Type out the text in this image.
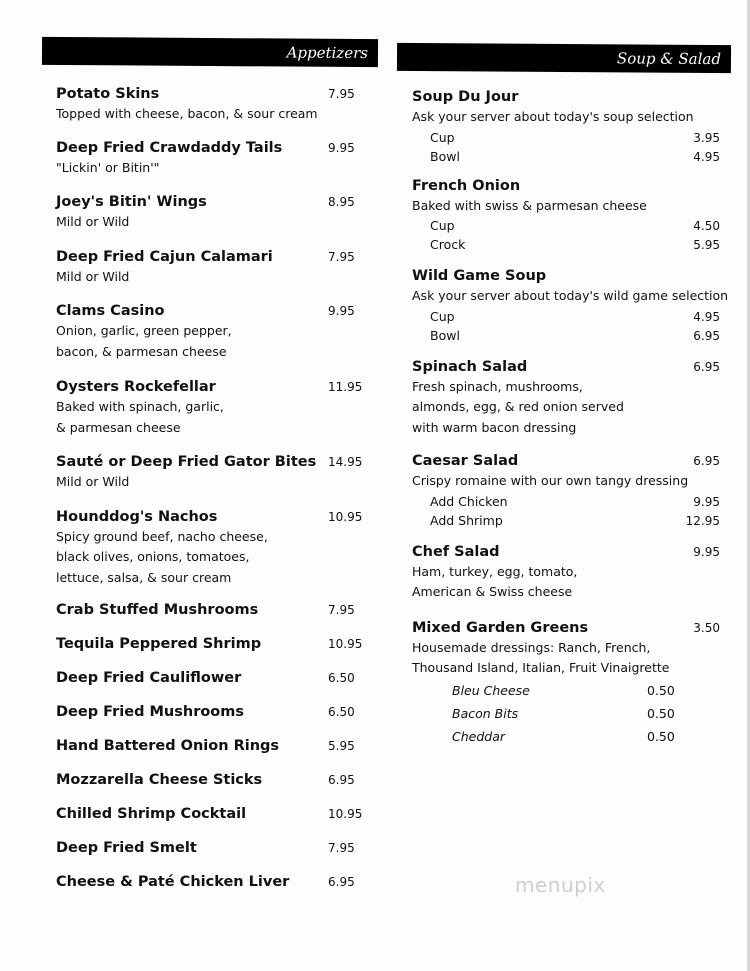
Appetizers	Soup & Salad
Potato Skins	7.95
Topped with cheese, bacon, & sour cream
Deep Fried Crawdaddy Tails	9.95
"Lickin' or Bitin'"
Joey's Bitin' Wings	8.95
Mild or Wild
Deep Fried Cajun Calamari	7.95
Mild or Wild
Clams Casino	9.95
Onion, garlic, green pepper,
bacon, & parmesan cheese
Oysters Rockefellar	11.95
Baked with spinach, garlic,
& parmesan cheese
Sauté or Deep Fried Gator Bites 14.95
Mild or Wild
Hounddog's Nachos	10.95
Spicy ground beef, nacho cheese,
black olives, onions, tomatoes,
lettuce, salsa, & sour cream
Crab Stuffed Mushrooms	7.95
Tequila Peppered Shrimp	10.95
Deep Fried Cauliflower	6.50
Deep Fried Mushrooms	6.50
Hand Battered Onion Rings	5.95
Mozzarella Cheese Sticks	6.95
Chilled Shrimp Cocktail	10.95
Deep Fried Smelt	7.95
Cheese & Paté Chicken Liver	6.95
Soup Du Jour
Ask your server about today's soup selection
Cup	3.95
Bowl	4.95
French Onion
Baked with swiss & parmesan cheese
Cup	4.50
Crock	5.95
Wild Game Soup
Ask your server about today's wild game selection
Cup	4.95
Bowl	6.95
Spinach Salad	6.95
Fresh spinach, mushrooms,
almonds, egg, & red onion served
with warm bacon dressing
Caesar Salad	6.95
Crispy romaine with our own tangy dressing
Add Chicken	9.95
Add Shrimp	12.95
Chef Salad	9.95
Ham, turkey, egg, tomato,
American & Swiss cheese
Mixed Garden Greens	3.50
Housemade dressings: Ranch, French,
Thousand Island, Italian, Fruit Vinaigrette
Bleu Cheese	0.50
Bacon Bits	0.50
Cheddar	0.50
menupix
